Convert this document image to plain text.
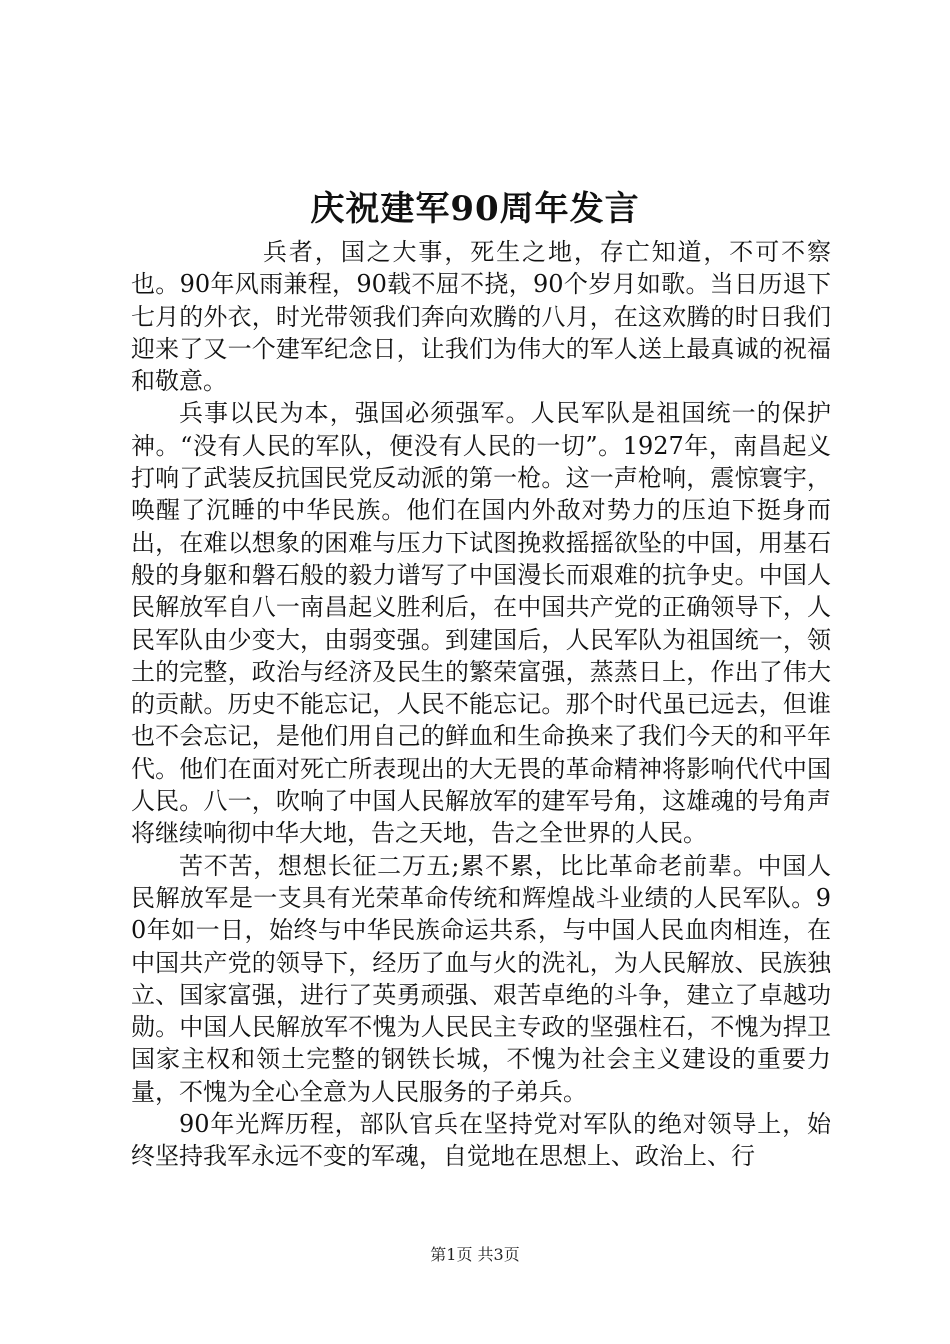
庆祝建军90周年发言

兵者，国之大事，死生之地，存亡知道，不可不察也。90年风雨兼程，90载不屈不挠，90个岁月如歌。当日历退下七月的外衣，时光带领我们奔向欢腾的八月，在这欢腾的时日我们迎来了又一个建军纪念日，让我们为伟大的军人送上最真诚的祝福和敬意。

兵事以民为本，强国必须强军。人民军队是祖国统一的保护神。“没有人民的军队，便没有人民的一切”。1927年，南昌起义打响了武装反抗国民党反动派的第一枪。这一声枪响，震惊寰宇，唤醒了沉睡的中华民族。他们在国内外敌对势力的压迫下挺身而出，在难以想象的困难与压力下试图挽救摇摇欲坠的中国，用基石般的身躯和磐石般的毅力谱写了中国漫长而艰难的抗争史。中国人民解放军自八一南昌起义胜利后，在中国共产党的正确领导下，人民军队由少变大，由弱变强。到建国后，人民军队为祖国统一，领土的完整，政治与经济及民生的繁荣富强，蒸蒸日上，作出了伟大的贡献。历史不能忘记，人民不能忘记。那个时代虽已远去，但谁也不会忘记，是他们用自己的鲜血和生命换来了我们今天的和平年代。他们在面对死亡所表现出的大无畏的革命精神将影响代代中国人民。八一，吹响了中国人民解放军的建军号角，这雄魂的号角声将继续响彻中华大地，告之天地，告之全世界的人民。

苦不苦，想想长征二万五;累不累，比比革命老前辈。中国人民解放军是一支具有光荣革命传统和辉煌战斗业绩的人民军队。90年如一日，始终与中华民族命运共系，与中国人民血肉相连，在中国共产党的领导下，经历了血与火的洗礼，为人民解放、民族独立、国家富强，进行了英勇顽强、艰苦卓绝的斗争，建立了卓越功勋。中国人民解放军不愧为人民民主专政的坚强柱石，不愧为捍卫国家主权和领土完整的钢铁长城，不愧为社会主义建设的重要力量，不愧为全心全意为人民服务的子弟兵。

90年光辉历程，部队官兵在坚持党对军队的绝对领导上，始终坚持我军永远不变的军魂，自觉地在思想上、政治上、行

第1页 共3页
